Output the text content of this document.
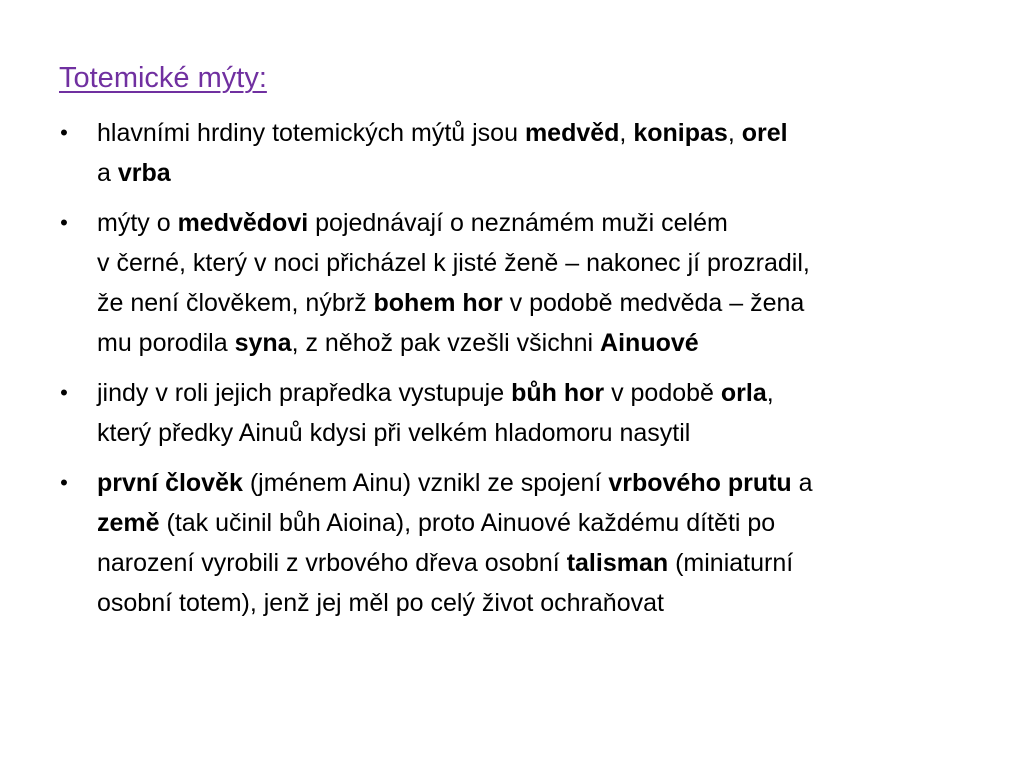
Totemické mýty:
• hlavními hrdiny totemických mýtů jsou medvěd, konipas, orel
a vrba
• mýty o medvědovi pojednávají o neznámém muži celém
v černé, který v noci přicházel k jisté ženě – nakonec jí prozradil,
že není člověkem, nýbrž bohem hor v podobě medvěda – žena
mu porodila syna, z něhož pak vzešli všichni Ainuové
• jindy v roli jejich prapředka vystupuje bůh hor v podobě orla,
který předky Ainuů kdysi při velkém hladomoru nasytil
• první člověk (jménem Ainu) vznikl ze spojení vrbového prutu a
země (tak učinil bůh Aioina), proto Ainuové každému dítěti po
narození vyrobili z vrbového dřeva osobní talisman (miniaturní
osobní totem), jenž jej měl po celý život ochraňovat
